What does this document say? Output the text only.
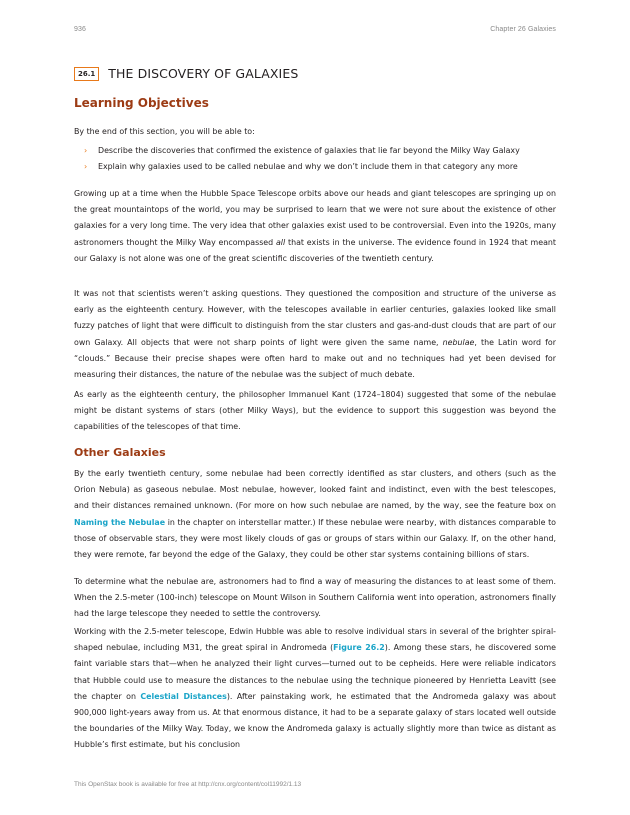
936	Chapter 26 Galaxies
26.1	THE DISCOVERY OF GALAXIES
Learning Objectives
By the end of this section, you will be able to:
› Describe the discoveries that confirmed the existence of galaxies that lie far beyond the Milky Way Galaxy
› Explain why galaxies used to be called nebulae and why we don’t include them in that category any more

Growing up at a time when the Hubble Space Telescope orbits above our heads and giant telescopes are springing up on the great mountaintops of the world, you may be surprised to learn that we were not sure about the existence of other galaxies for a very long time. The very idea that other galaxies exist used to be controversial. Even into the 1920s, many astronomers thought the Milky Way encompassed all that exists in the universe. The evidence found in 1924 that meant our Galaxy is not alone was one of the great scientific discoveries of the twentieth century.

It was not that scientists weren’t asking questions. They questioned the composition and structure of the universe as early as the eighteenth century. However, with the telescopes available in earlier centuries, galaxies looked like small fuzzy patches of light that were difficult to distinguish from the star clusters and gas-and-dust clouds that are part of our own Galaxy. All objects that were not sharp points of light were given the same name, nebulae, the Latin word for “clouds.” Because their precise shapes were often hard to make out and no techniques had yet been devised for measuring their distances, the nature of the nebulae was the subject of much debate.

As early as the eighteenth century, the philosopher Immanuel Kant (1724–1804) suggested that some of the nebulae might be distant systems of stars (other Milky Ways), but the evidence to support this suggestion was beyond the capabilities of the telescopes of that time.

Other Galaxies

By the early twentieth century, some nebulae had been correctly identified as star clusters, and others (such as the Orion Nebula) as gaseous nebulae. Most nebulae, however, looked faint and indistinct, even with the best telescopes, and their distances remained unknown. (For more on how such nebulae are named, by the way, see the feature box on Naming the Nebulae in the chapter on interstellar matter.) If these nebulae were nearby, with distances comparable to those of observable stars, they were most likely clouds of gas or groups of stars within our Galaxy. If, on the other hand, they were remote, far beyond the edge of the Galaxy, they could be other star systems containing billions of stars.

To determine what the nebulae are, astronomers had to find a way of measuring the distances to at least some of them. When the 2.5-meter (100-inch) telescope on Mount Wilson in Southern California went into operation, astronomers finally had the large telescope they needed to settle the controversy.

Working with the 2.5-meter telescope, Edwin Hubble was able to resolve individual stars in several of the brighter spiral-shaped nebulae, including M31, the great spiral in Andromeda (Figure 26.2). Among these stars, he discovered some faint variable stars that—when he analyzed their light curves—turned out to be cepheids. Here were reliable indicators that Hubble could use to measure the distances to the nebulae using the technique pioneered by Henrietta Leavitt (see the chapter on Celestial Distances). After painstaking work, he estimated that the Andromeda galaxy was about 900,000 light-years away from us. At that enormous distance, it had to be a separate galaxy of stars located well outside the boundaries of the Milky Way. Today, we know the Andromeda galaxy is actually slightly more than twice as distant as Hubble’s first estimate, but his conclusion

This OpenStax book is available for free at http://cnx.org/content/col11992/1.13
